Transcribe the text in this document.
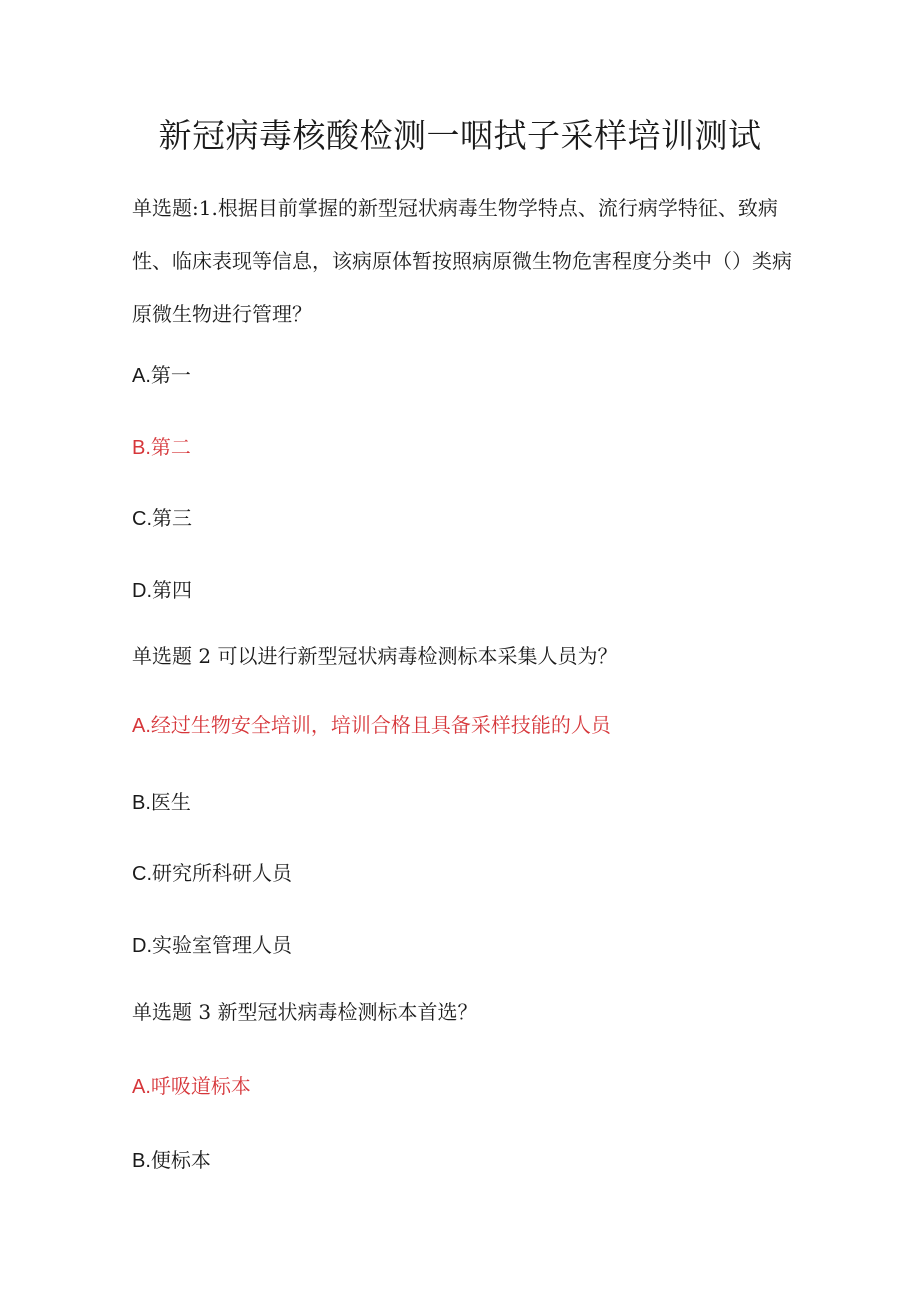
新冠病毒核酸检测一咽拭子采样培训测试

单选题:1.根据目前掌握的新型冠状病毒生物学特点、流行病学特征、致病性、临床表现等信息，该病原体暂按照病原微生物危害程度分类中（）类病原微生物进行管理？

A.第一

B.第二

C.第三

D.第四

单选题 2 可以进行新型冠状病毒检测标本采集人员为？

A.经过生物安全培训，培训合格且具备采样技能的人员

B.医生

C.研究所科研人员

D.实验室管理人员

单选题 3 新型冠状病毒检测标本首选？

A.呼吸道标本

B.便标本
